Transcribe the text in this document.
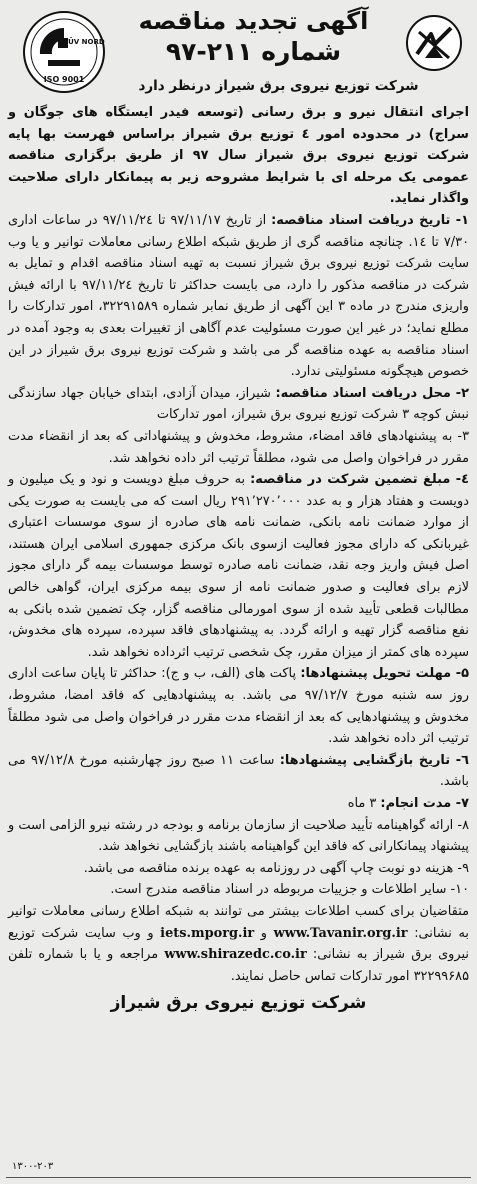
TÜV NORD
ISO 9001
آگهی تجدید مناقصه
شماره ۲۱۱-۹۷
شرکت توزیع نیروی برق شیراز درنظر دارد

اجرای انتقال نیرو و برق رسانی (توسعه فیدر ایستگاه های جوگان و سراج) در محدوده امور ٤ توزیع برق شیراز براساس فهرست بها پایه شرکت توزیع نیروی برق شیراز سال ۹۷ از طریق برگزاری مناقصه عمومی یک مرحله ای با شرایط مشروحه زیر به پیمانکار دارای صلاحیت واگذار نماید.

۱- تاریخ دریافت اسناد مناقصه: از تاریخ ۹۷/۱۱/۱۷ تا ۹۷/۱۱/۲٤ در ساعات اداری ۷/۳۰ تا ۱٤. چنانچه مناقصه گری از طریق شبکه اطلاع رسانی معاملات توانیر و یا وب سایت شرکت توزیع نیروی برق شیراز نسبت به تهیه اسناد مناقصه اقدام و تمایل به شرکت در مناقصه مذکور را دارد، می بایست حداکثر تا تاریخ ۹۷/۱۱/۲٤ با ارائه فیش واریزی مندرج در ماده ۳ این آگهی از طریق نمابر شماره ۳۲۲۹۱۵۸۹، امور تدارکات را مطلع نماید؛ در غیر این صورت مسئولیت عدم آگاهی از تغییرات بعدی به وجود آمده در اسناد مناقصه به عهده مناقصه گر می باشد و شرکت توزیع نیروی برق شیراز در این خصوص هیچگونه مسئولیتی ندارد.

۲- محل دریافت اسناد مناقصه: شیراز، میدان آزادی، ابتدای خیابان جهاد سازندگی نبش کوچه ۳ شرکت توزیع نیروی برق شیراز، امور تدارکات

۳- به پیشنهادهای فاقد امضاء، مشروط، مخدوش و پیشنهاداتی که بعد از انقضاء مدت مقرر در فراخوان واصل می شود، مطلقاً ترتیب اثر داده نخواهد شد.

٤- مبلغ تضمین شرکت در مناقصه: به حروف مبلغ دویست و نود و یک میلیون و دویست و هفتاد هزار و به عدد ۲۹۱٬۲۷۰٬۰۰۰ ریال است که می بایست به صورت یکی از موارد ضمانت نامه بانکی، ضمانت نامه های صادره از سوی موسسات اعتباری غیربانکی که دارای مجوز فعالیت ازسوی بانک مرکزی جمهوری اسلامی ایران هستند، اصل فیش واریز وجه نقد، ضمانت نامه صادره توسط موسسات بیمه گر دارای مجوز لازم برای فعالیت و صدور ضمانت نامه از سوی بیمه مرکزی ایران، گواهی خالص مطالبات قطعی تأیید شده از سوی امورمالی مناقصه گزار، چک تضمین شده بانکی به نفع مناقصه گزار تهیه و ارائه گردد. به پیشنهادهای فاقد سپرده، سپرده های مخدوش، سپرده های کمتر از میزان مقرر، چک شخصی ترتیب اثرداده نخواهد شد.

۵- مهلت تحویل پیشنهادها: پاکت های (الف، ب و ج): حداکثر تا پایان ساعت اداری روز سه شنبه مورخ ۹۷/۱۲/۷ می باشد. به پیشنهادهایی که فاقد امضا، مشروط، مخدوش و پیشنهادهایی که بعد از انقضاء مدت مقرر در فراخوان واصل می شود مطلقاً ترتیب اثر داده نخواهد شد.

٦- تاریخ بازگشایی پیشنهادها: ساعت ۱۱ صبح روز چهارشنبه مورخ ۹۷/۱۲/۸ می باشد.

۷- مدت انجام: ۳ ماه

۸- ارائه گواهینامه تأیید صلاحیت از سازمان برنامه و بودجه در رشته نیرو الزامی است و پیشنهاد پیمانکارانی که فاقد این گواهینامه باشند بازگشایی نخواهد شد.

۹- هزینه دو نوبت چاپ آگهی در روزنامه به عهده برنده مناقصه می باشد.

۱۰- سایر اطلاعات و جزییات مربوطه در اسناد مناقصه مندرج است.

متقاضیان برای کسب اطلاعات بیشتر می توانند به شبکه اطلاع رسانی معاملات توانیر به نشانی: www.Tavanir.org.ir و iets.mporg.ir و وب سایت شرکت توزیع نیروی برق شیراز به نشانی: www.shirazedc.co.ir مراجعه و یا با شماره تلفن ۳۲۲۹۹۶۸۵ امور تدارکات تماس حاصل نمایند.

شرکت توزیع نیروی برق شیراز
۱۳۰۰-۲۰۳
